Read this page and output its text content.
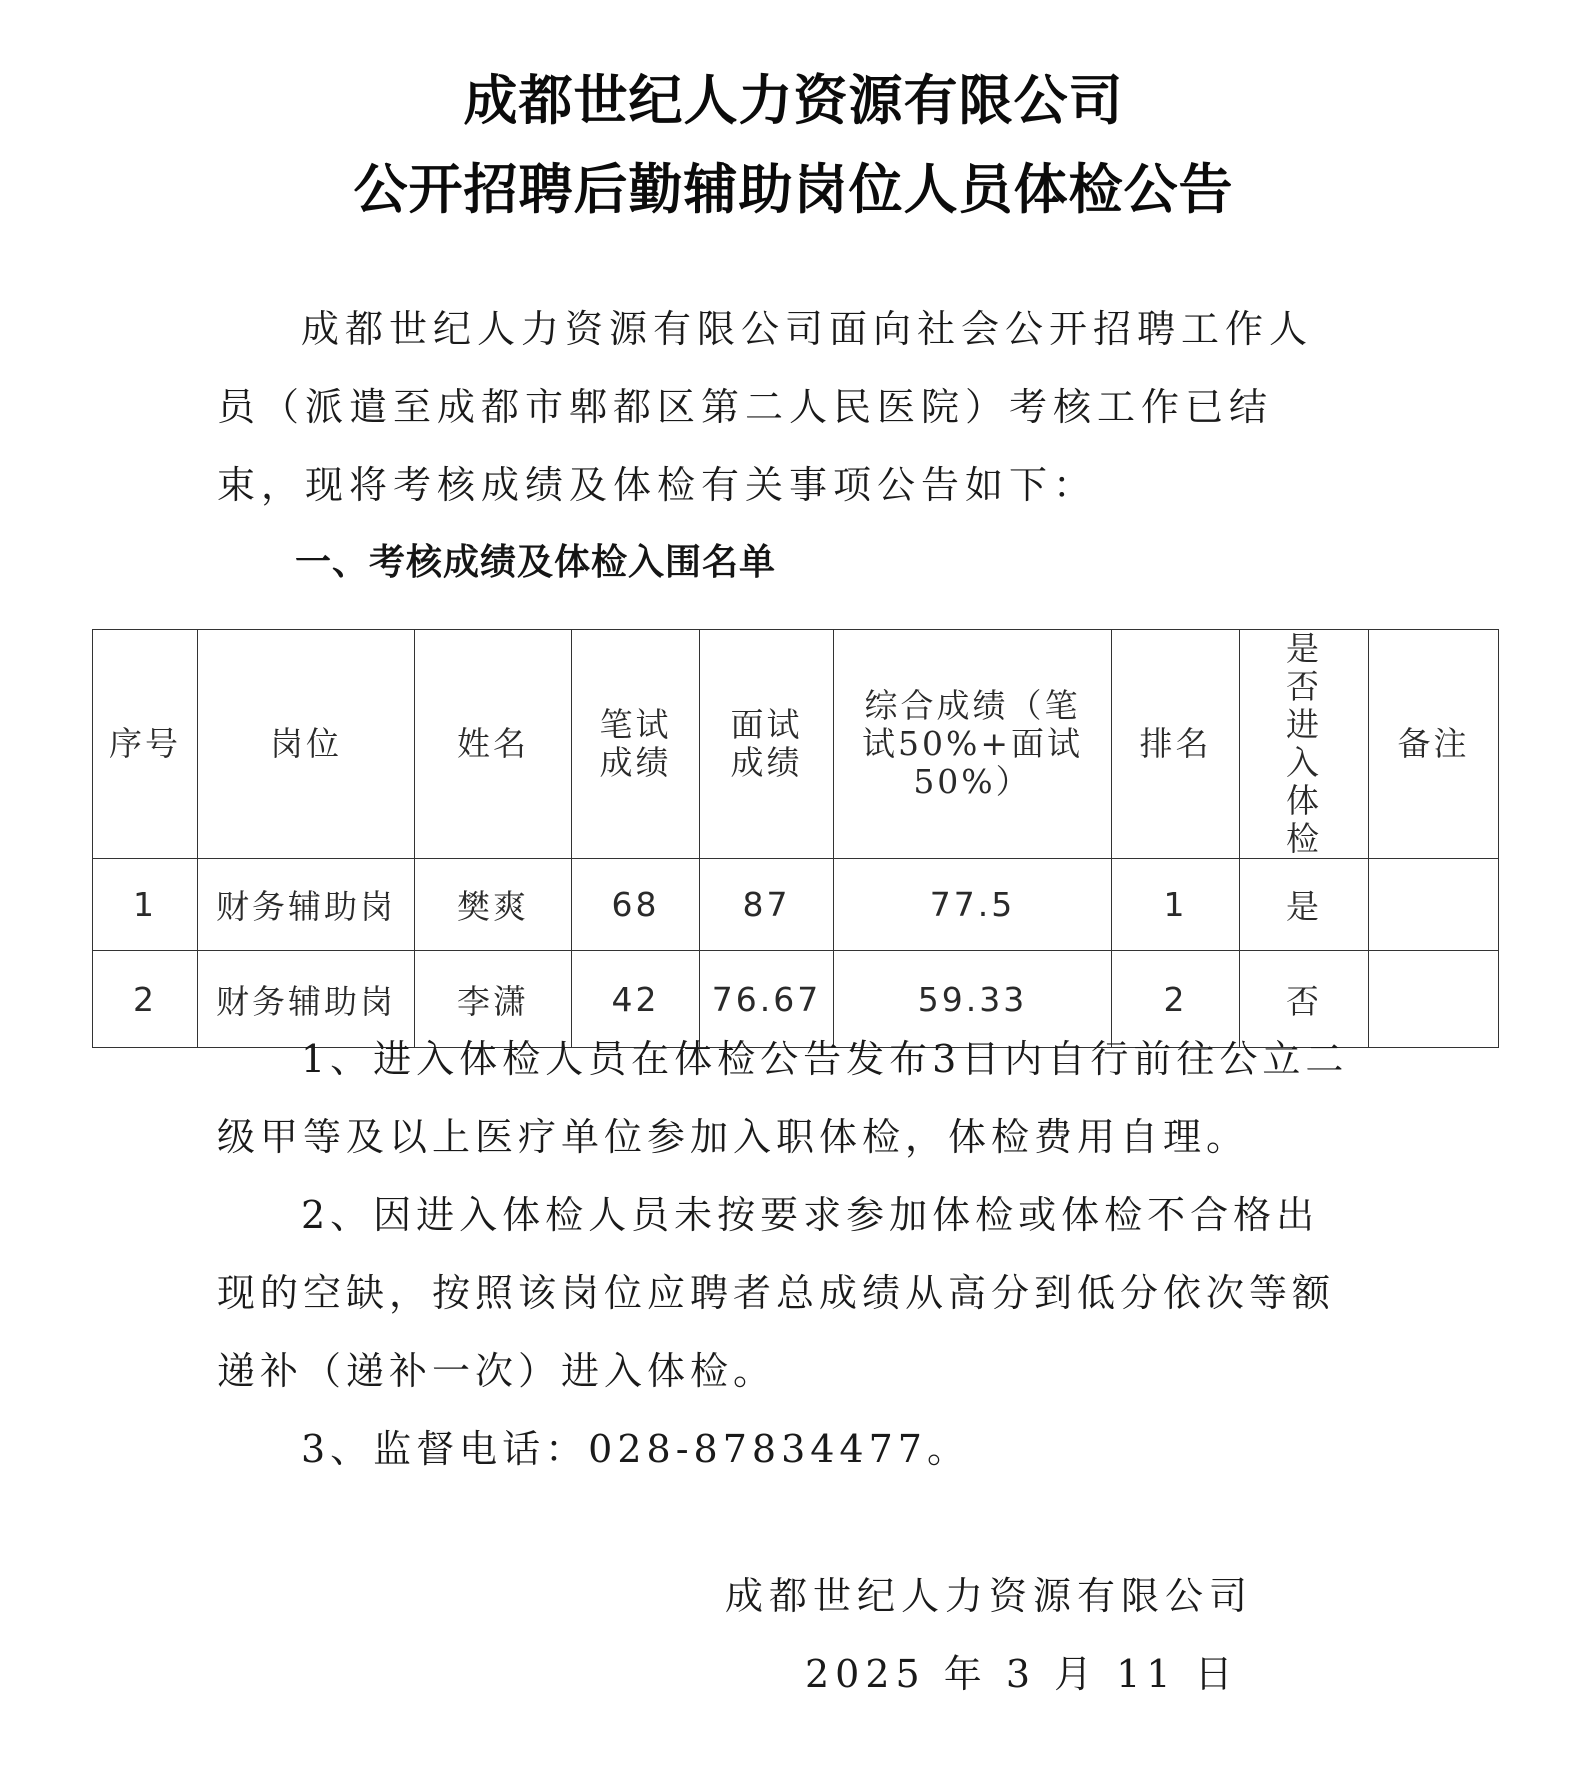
成都世纪人力资源有限公司
公开招聘后勤辅助岗位人员体检公告
成都世纪人力资源有限公司面向社会公开招聘工作人员（派遣至成都市郫都区第二人民医院）考核工作已结束，现将考核成绩及体检有关事项公告如下：
一、考核成绩及体检入围名单
序号	岗位	姓名	笔试成绩	面试成绩	综合成绩（笔试50%+面试50%）	排名	是否进入体检	备注
1	财务辅助岗	樊爽	68	87	77.5	1	是	
2	财务辅助岗	李潇	42	76.67	59.33	2	否	

1、进入体检人员在体检公告发布3日内自行前往公立二级甲等及以上医疗单位参加入职体检，体检费用自理。

2、因进入体检人员未按要求参加体检或体检不合格出现的空缺，按照该岗位应聘者总成绩从高分到低分依次等额递补（递补一次）进入体检。

3、监督电话：028-87834477。

成都世纪人力资源有限公司
2025 年 3 月 11 日
